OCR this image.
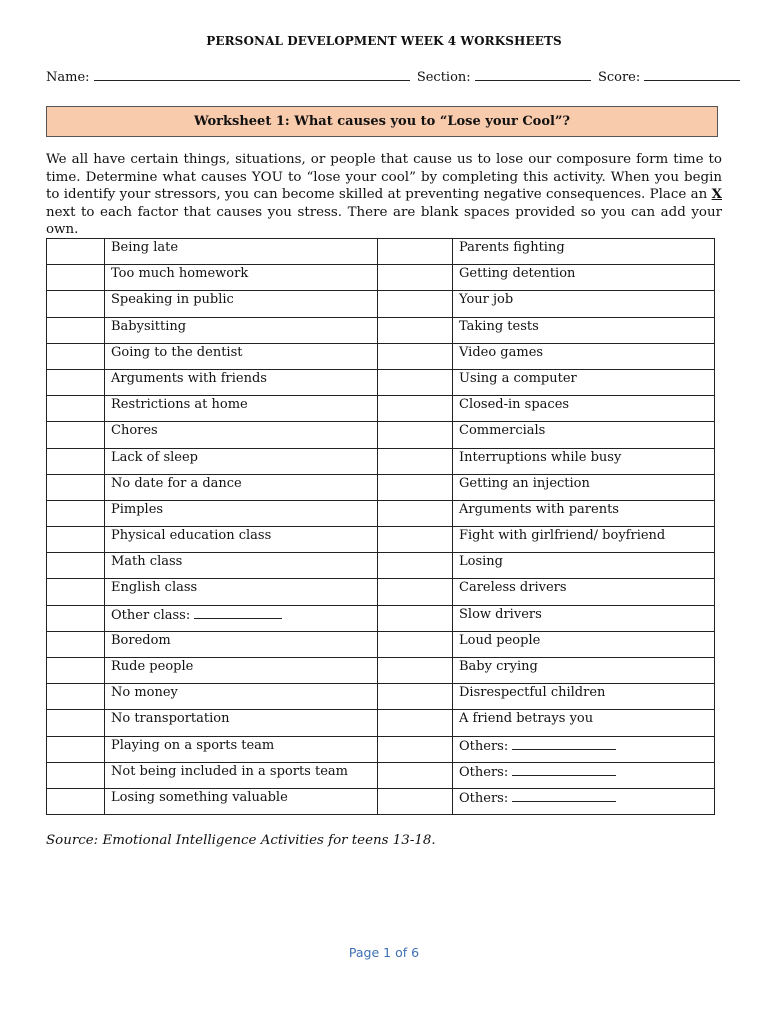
PERSONAL DEVELOPMENT WEEK 4 WORKSHEETS
Name:	Section:	Score:
Worksheet 1: What causes you to “Lose your Cool”?

We all have certain things, situations, or people that cause us to lose our composure form time to time. Determine what causes YOU to “lose your cool” by completing this activity. When you begin to identify your stressors, you can become skilled at preventing negative consequences. Place an X next to each factor that causes you stress. There are blank spaces provided so you can add your own.

	Being late		Parents fighting
	Too much homework		Getting detention
	Speaking in public		Your job
	Babysitting		Taking tests
	Going to the dentist		Video games
	Arguments with friends		Using a computer
	Restrictions at home		Closed-in spaces
	Chores		Commercials
	Lack of sleep		Interruptions while busy
	No date for a dance		Getting an injection
	Pimples		Arguments with parents
	Physical education class		Fight with girlfriend/ boyfriend
	Math class		Losing
	English class		Careless drivers
	Other class:		Slow drivers
	Boredom		Loud people
	Rude people		Baby crying
	No money		Disrespectful children
	No transportation		A friend betrays you
	Playing on a sports team		Others:
	Not being included in a sports team		Others:
	Losing something valuable		Others:
Source: Emotional Intelligence Activities for teens 13-18.
Page 1 of 6
